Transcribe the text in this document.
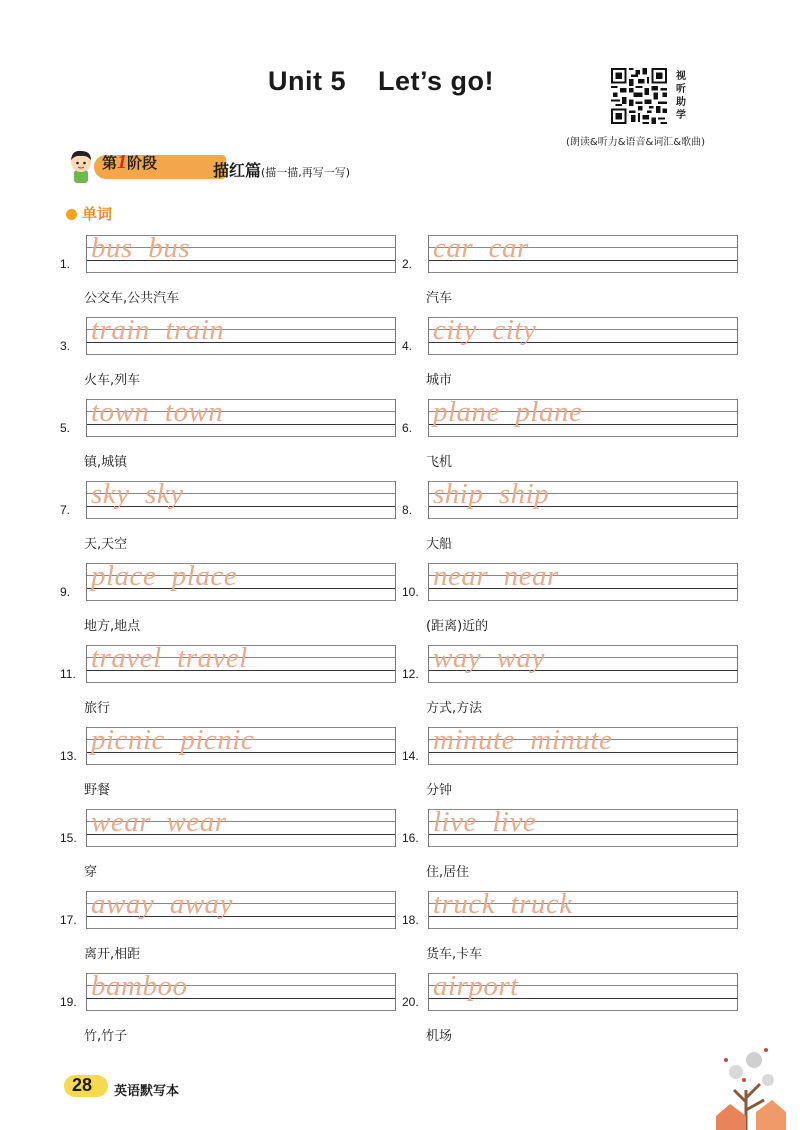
Unit 5 Let’s go!	视听助学
(朗读&听力&语音&词汇&歌曲)
第1阶段	描红篇(描一描,再写一写)
单词
1. bus  bus
公交车,公共汽车
2. car  car
汽车
3. train  train
火车,列车
4. city  city
城市
5. town  town
镇,城镇
6. plane  plane
飞机
7. sky  sky
天,天空
8. ship  ship
大船
9. place  place
地方,地点
10. near  near
(距离)近的
11. travel  travel
旅行
12. way  way
方式,方法
13. picnic  picnic
野餐
14. minute  minute
分钟
15. wear  wear
穿
16. live  live
住,居住
17. away  away
离开,相距
18. truck  truck
货车,卡车
19. bamboo
竹,竹子
20. airport
机场
28 英语默写本
